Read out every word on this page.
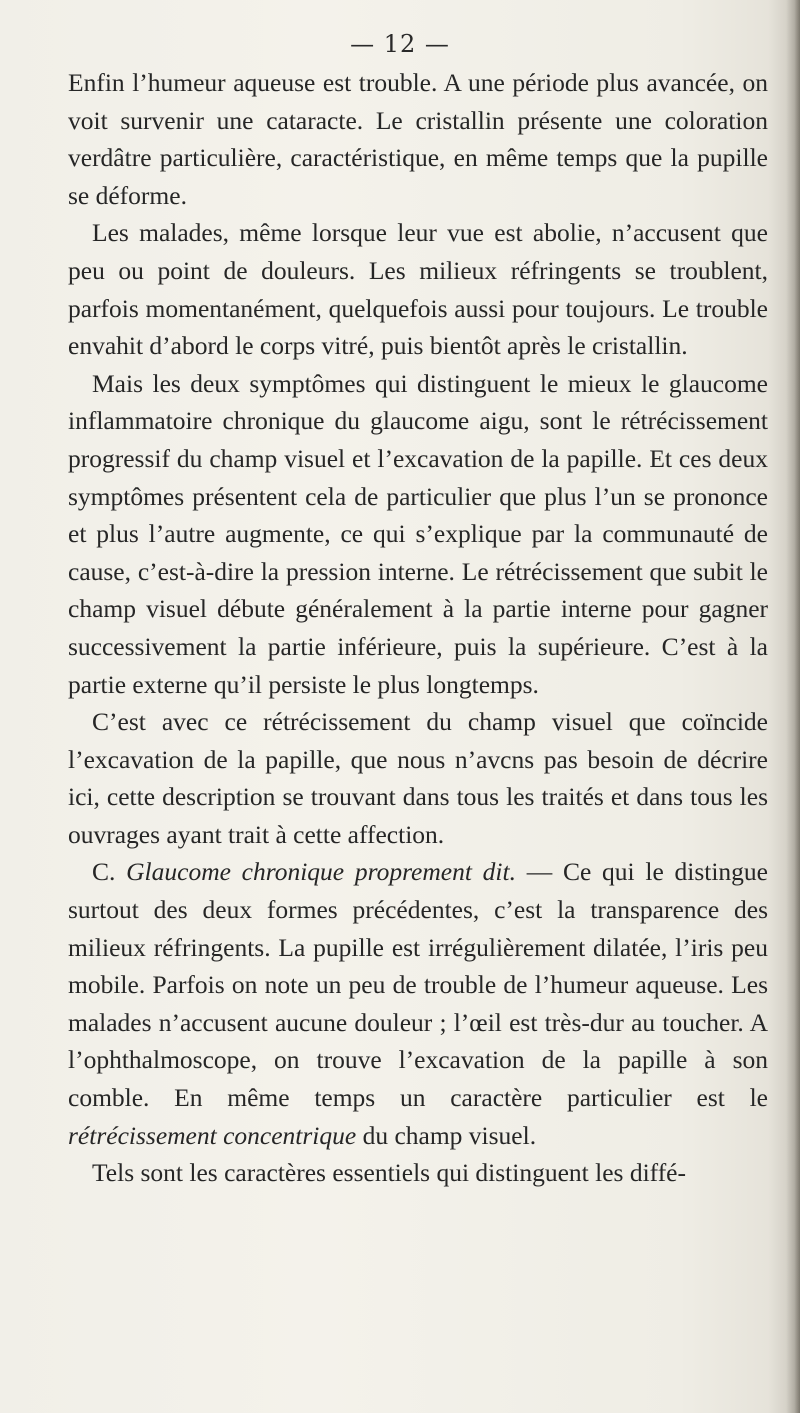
— 12 —

Enfin l’humeur aqueuse est trouble. A une période plus avancée, on voit survenir une cataracte. Le cristallin présente une coloration verdâtre particulière, caractéristique, en même temps que la pupille se déforme.

Les malades, même lorsque leur vue est abolie, n’accusent que peu ou point de douleurs. Les milieux réfringents se troublent, parfois momentanément, quelquefois aussi pour toujours. Le trouble envahit d’abord le corps vitré, puis bientôt après le cristallin.

Mais les deux symptômes qui distinguent le mieux le glaucome inflammatoire chronique du glaucome aigu, sont le rétrécissement progressif du champ visuel et l’excavation de la papille. Et ces deux symptômes présentent cela de particulier que plus l’un se prononce et plus l’autre augmente, ce qui s’explique par la communauté de cause, c’est-à-dire la pression interne. Le rétrécissement que subit le champ visuel débute généralement à la partie interne pour gagner successivement la partie inférieure, puis la supérieure. C’est à la partie externe qu’il persiste le plus longtemps.

C’est avec ce rétrécissement du champ visuel que coïncide l’excavation de la papille, que nous n’avcns pas besoin de décrire ici, cette description se trouvant dans tous les traités et dans tous les ouvrages ayant trait à cette affection.

C. Glaucome chronique proprement dit. — Ce qui le distingue surtout des deux formes précédentes, c’est la transparence des milieux réfringents. La pupille est irrégulièrement dilatée, l’iris peu mobile. Parfois on note un peu de trouble de l’humeur aqueuse. Les malades n’accusent aucune douleur ; l’œil est très-dur au toucher. A l’ophthalmoscope, on trouve l’excavation de la papille à son comble. En même temps un caractère particulier est le rétrécissement concentrique du champ visuel.

Tels sont les caractères essentiels qui distinguent les diffé-
